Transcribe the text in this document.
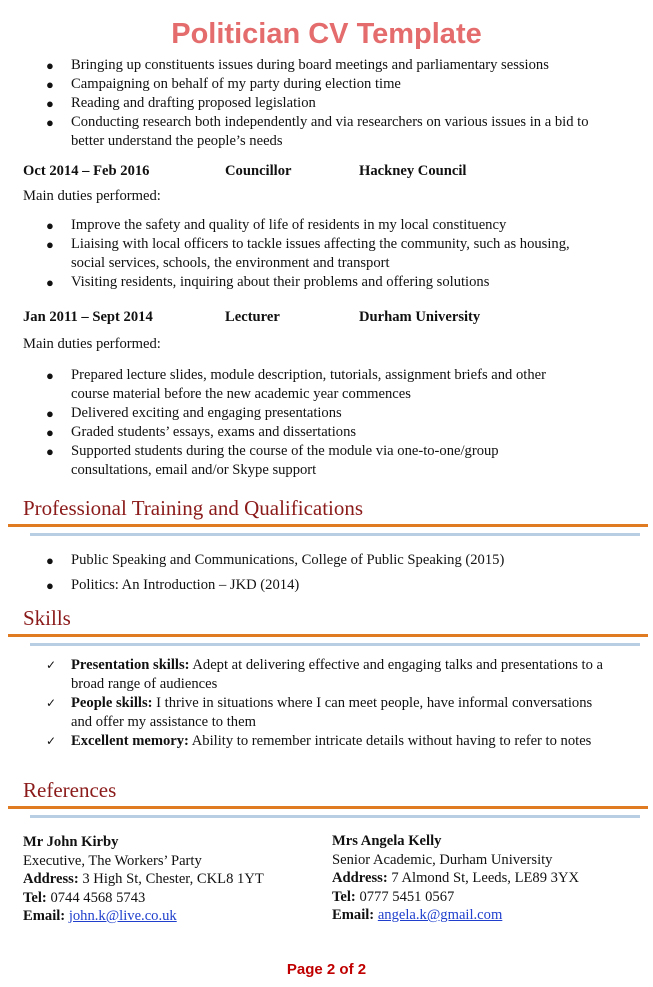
Politician CV Template
● Bringing up constituents issues during board meetings and parliamentary sessions
● Campaigning on behalf of my party during election time
● Reading and drafting proposed legislation
● Conducting research both independently and via researchers on various issues in a bid to better understand the people’s needs
Oct 2014 – Feb 2016	Councillor	Hackney Council
Main duties performed:
● Improve the safety and quality of life of residents in my local constituency
● Liaising with local officers to tackle issues affecting the community, such as housing, social services, schools, the environment and transport
● Visiting residents, inquiring about their problems and offering solutions
Jan 2011 – Sept 2014	Lecturer	Durham University
Main duties performed:
● Prepared lecture slides, module description, tutorials, assignment briefs and other course material before the new academic year commences
● Delivered exciting and engaging presentations
● Graded students’ essays, exams and dissertations
● Supported students during the course of the module via one-to-one/group consultations, email and/or Skype support
Professional Training and Qualifications
● Public Speaking and Communications, College of Public Speaking (2015)
● Politics: An Introduction – JKD (2014)
Skills
✓ Presentation skills: Adept at delivering effective and engaging talks and presentations to a broad range of audiences
✓ People skills: I thrive in situations where I can meet people, have informal conversations and offer my assistance to them
✓ Excellent memory: Ability to remember intricate details without having to refer to notes
References
Mr John Kirby
Executive, The Workers’ Party
Address: 3 High St, Chester, CKL8 1YT
Tel: 0744 4568 5743
Email: john.k@live.co.uk
Mrs Angela Kelly
Senior Academic, Durham University
Address: 7 Almond St, Leeds, LE89 3YX
Tel: 0777 5451 0567
Email: angela.k@gmail.com
Page 2 of 2
